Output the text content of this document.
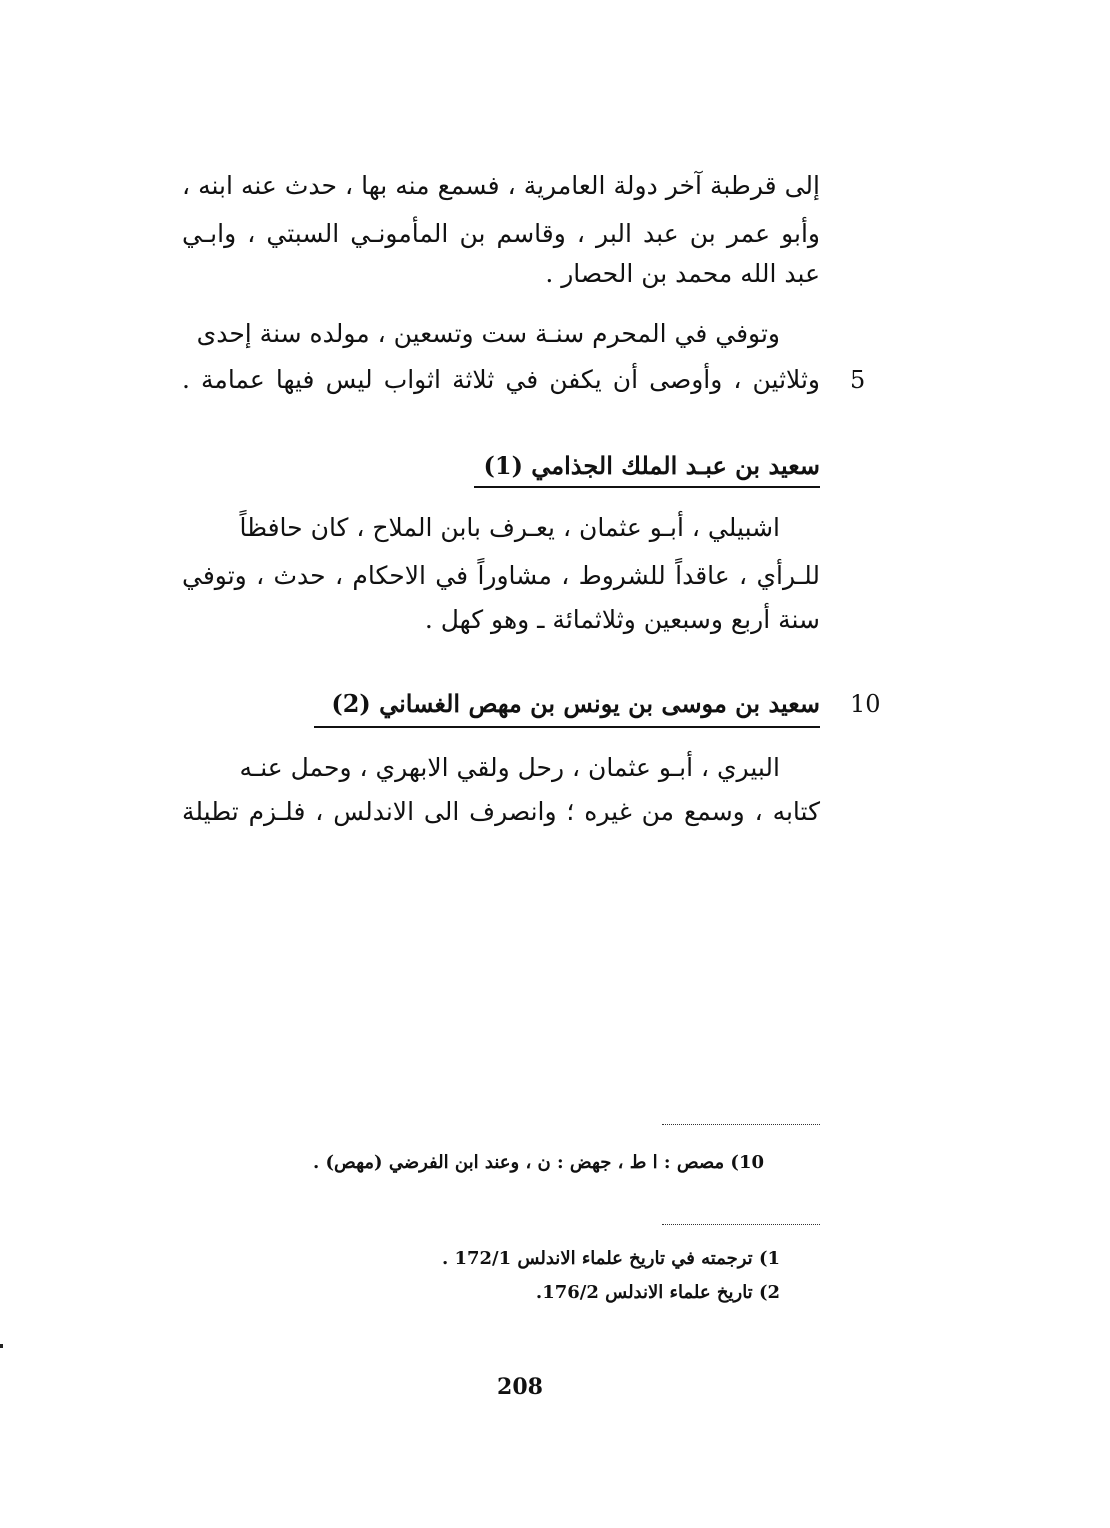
إلى قرطبة آخر دولة العامرية ، فسمع منه بها ، حدث عنه ابنه ،
وأبو عمر بن عبد البر ، وقاسم بن المأمونـي السبتي ، وابـي
عبد الله محمد بن الحصار .
وتوفي في المحرم سنـة ست وتسعين ، مولده سنة إحدى
وثلاثين ، وأوصى أن يكفن في ثلاثة اثواب ليس فيها عمامة . 5
سعيد بن عبـد الملك الجذامي (1)
اشبيلي ، أبـو عثمان ، يعـرف بابن الملاح ، كان حافظاً
للـرأي ، عاقداً للشروط ، مشاوراً في الاحكام ، حدث ، وتوفي
سنة أربع وسبعين وثلاثمائة ـ وهو كهل .
سعيد بن موسى بن يونس بن مهص الغساني (2) 10
البيري ، أبـو عثمان ، رحل ولقي الابهري ، وحمل عنـه
كتابه ، وسمع من غيره ؛ وانصرف الى الاندلس ، فلـزم تطيلة
10) مصص : ا ط ، جهض : ن ، وعند ابن الفرضي (مهص) .
1) ترجمته في تاريخ علماء الاندلس 172/1 .
2) تاريخ علماء الاندلس 176/2.
208
